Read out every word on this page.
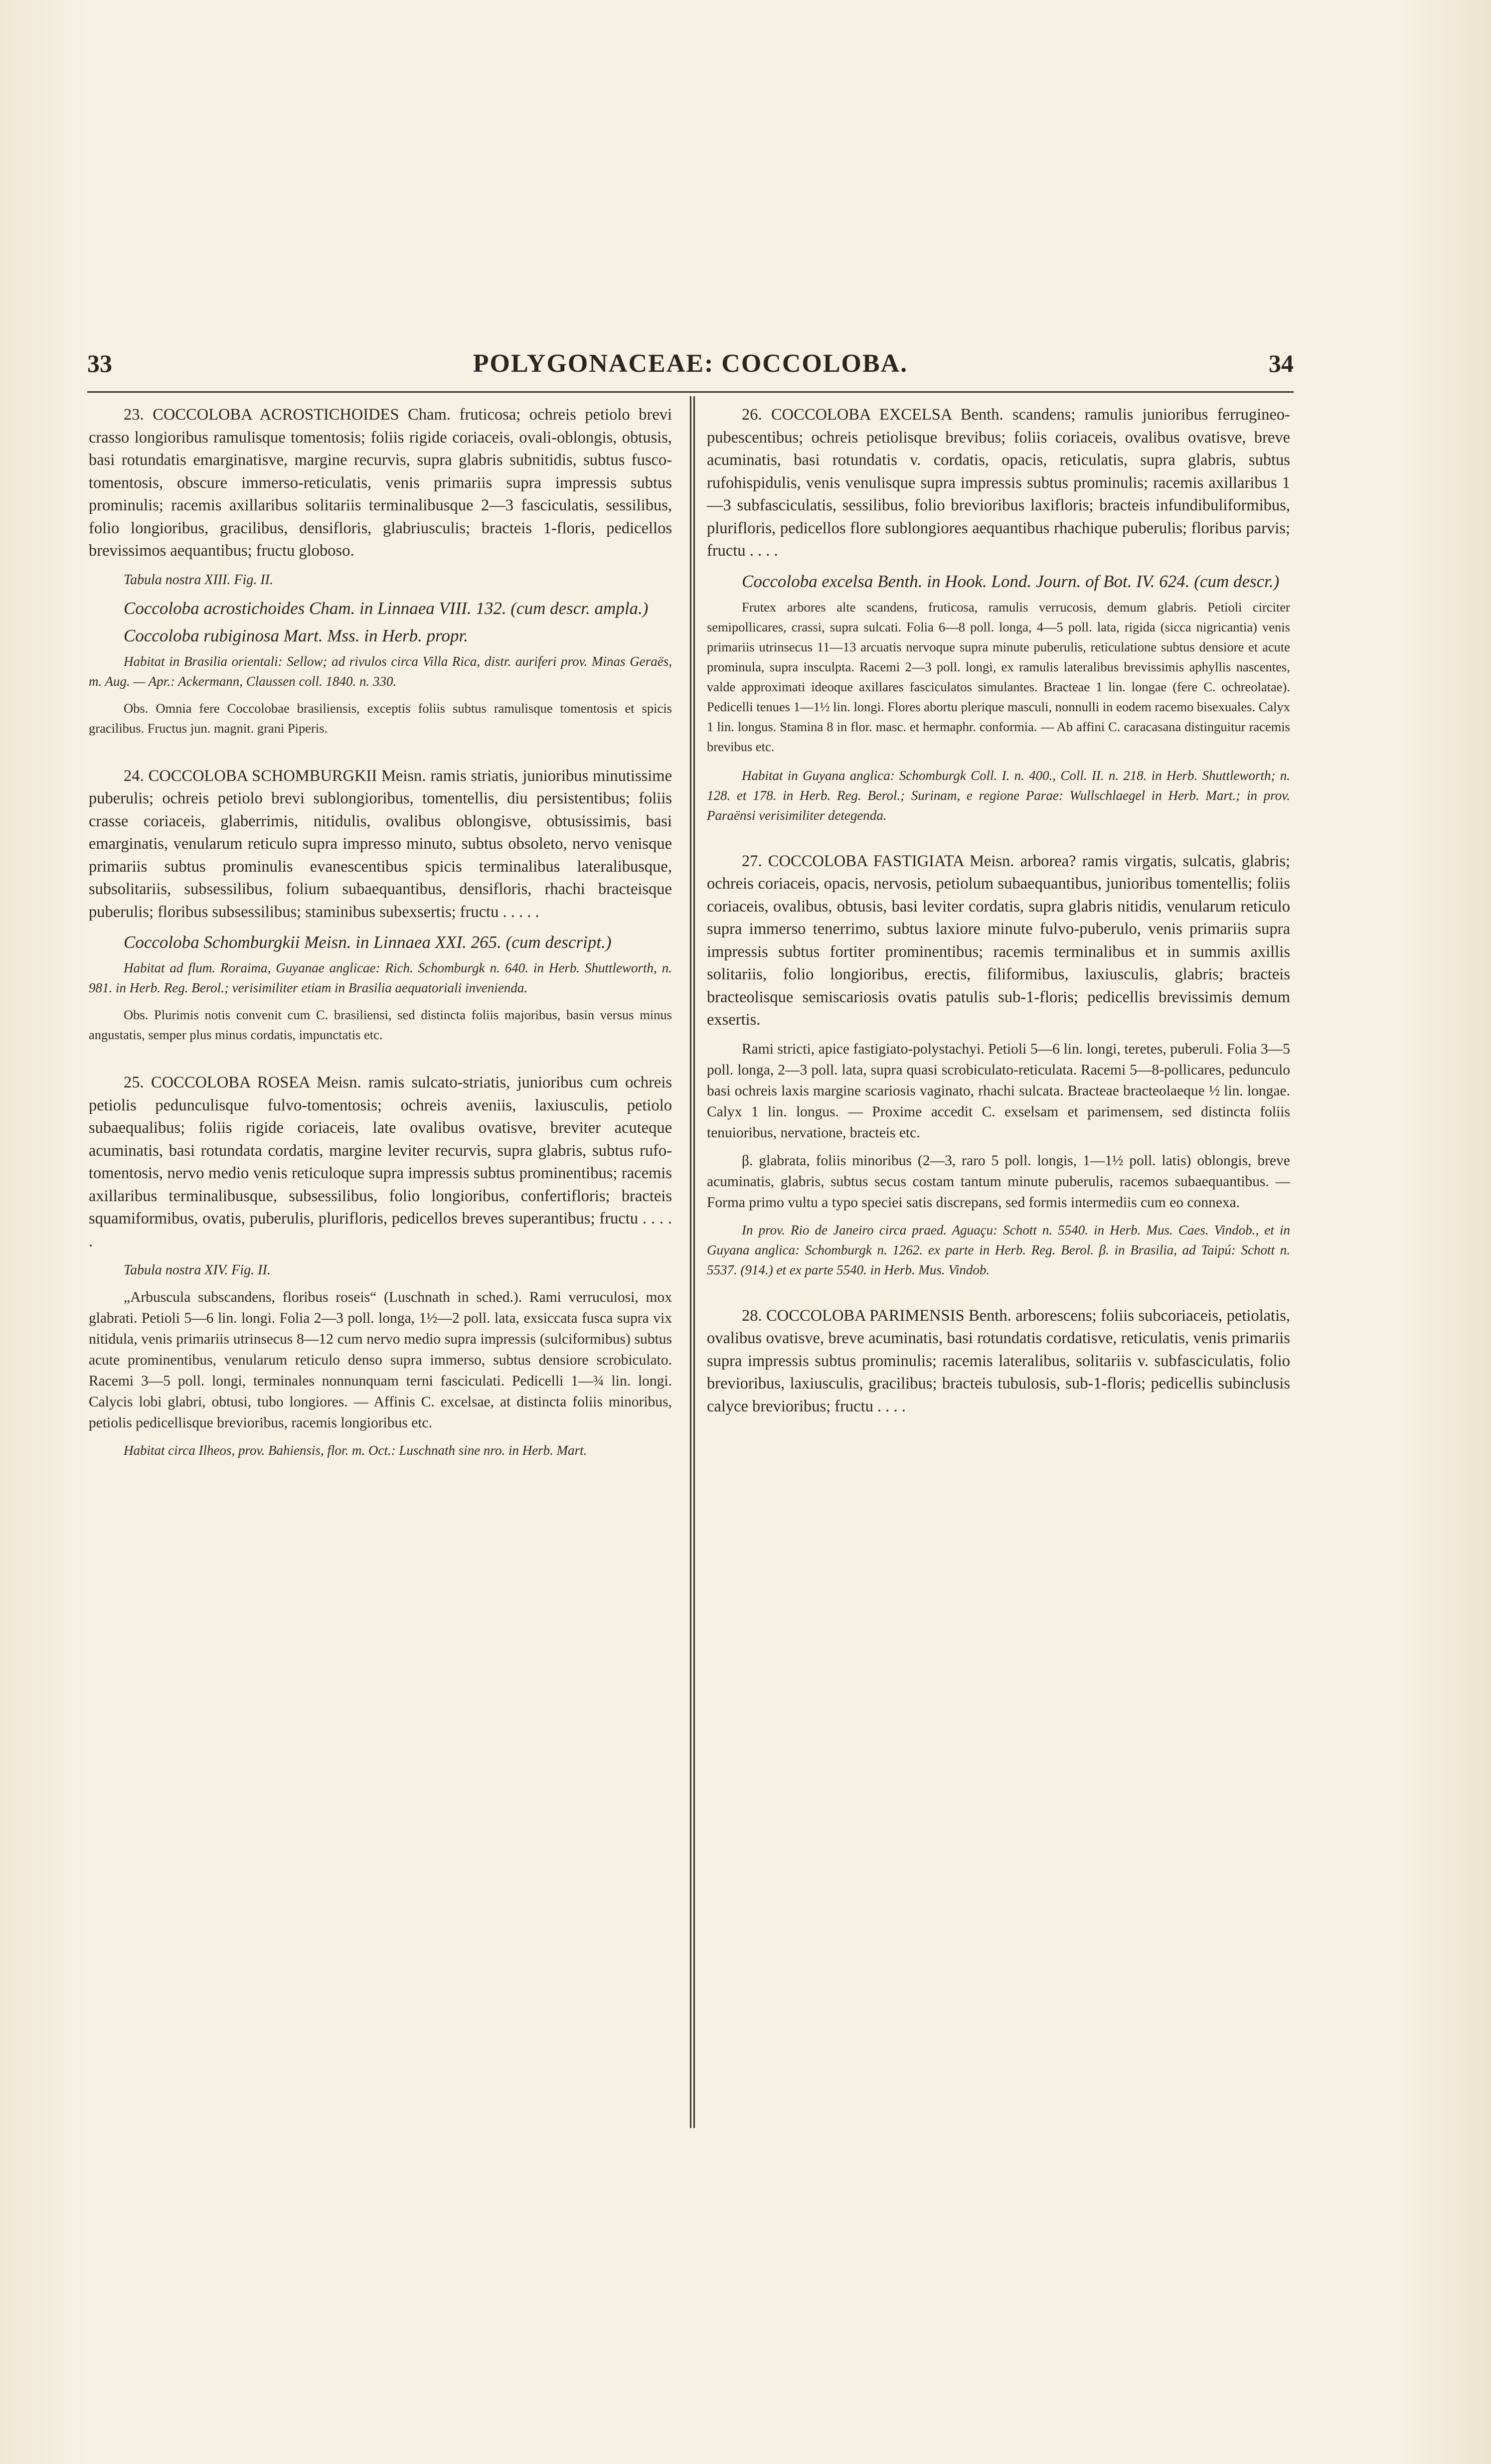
33	POLYGONACEAE: COCCOLOBA.	34

23. COCCOLOBA ACROSTICHOIDES Cham. fruticosa; ochreis petiolo brevi crasso longioribus ramulisque tomentosis; foliis rigide coriaceis, ovali-oblongis, obtusis, basi rotundatis emarginatisve, margine recurvis, supra glabris subnitidis, subtus fusco-tomentosis, obscure immerso-reticulatis, venis primariis supra impressis subtus prominulis; racemis axillaribus solitariis terminalibusque 2—3 fasciculatis, sessilibus, folio longioribus, gracilibus, densifloris, glabriusculis; bracteis 1-floris, pedicellos brevissimos aequantibus; fructu globoso.

Tabula nostra XIII. Fig. II.

Coccoloba acrostichoides Cham. in Linnaea VIII. 132. (cum descr. ampla.)

Coccoloba rubiginosa Mart. Mss. in Herb. propr.

Habitat in Brasilia orientali: Sellow; ad rivulos circa Villa Rica, distr. auriferi prov. Minas Geraës, m. Aug. — Apr.: Ackermann, Claussen coll. 1840. n. 330.

Obs. Omnia fere Coccolobae brasiliensis, exceptis foliis subtus ramulisque tomentosis et spicis gracilibus. Fructus jun. magnit. grani Piperis.

24. COCCOLOBA SCHOMBURGKII Meisn. ramis striatis, junioribus minutissime puberulis; ochreis petiolo brevi sublongioribus, tomentellis, diu persistentibus; foliis crasse coriaceis, glaberrimis, nitidulis, ovalibus oblongisve, obtusissimis, basi emarginatis, venularum reticulo supra impresso minuto, subtus obsoleto, nervo venisque primariis subtus prominulis evanescentibus spicis terminalibus lateralibusque, subsolitariis, subsessilibus, folium subaequantibus, densifloris, rhachi bracteisque puberulis; floribus subsessilibus; staminibus subexsertis; fructu . . . . .

Coccoloba Schomburgkii Meisn. in Linnaea XXI. 265. (cum descript.)

Habitat ad flum. Roraima, Guyanae anglicae: Rich. Schomburgk n. 640. in Herb. Shuttleworth, n. 981. in Herb. Reg. Berol.; verisimiliter etiam in Brasilia aequatoriali invenienda.

Obs. Plurimis notis convenit cum C. brasiliensi, sed distincta foliis majoribus, basin versus minus angustatis, semper plus minus cordatis, impunctatis etc.

25. COCCOLOBA ROSEA Meisn. ramis sulcato-striatis, junioribus cum ochreis petiolis pedunculisque fulvo-tomentosis; ochreis aveniis, laxiusculis, petiolo subaequalibus; foliis rigide coriaceis, late ovalibus ovatisve, breviter acuteque acuminatis, basi rotundata cordatis, margine leviter recurvis, supra glabris, subtus rufo-tomentosis, nervo medio venis reticuloque supra impressis subtus prominentibus; racemis axillaribus terminalibusque, subsessilibus, folio longioribus, confertifloris; bracteis squamiformibus, ovatis, puberulis, plurifloris, pedicellos breves superantibus; fructu . . . . .

Tabula nostra XIV. Fig. II.

„Arbuscula subscandens, floribus roseis“ (Luschnath in sched.). Rami verruculosi, mox glabrati. Petioli 5—6 lin. longi. Folia 2—3 poll. longa, 1½—2 poll. lata, exsiccata fusca supra vix nitidula, venis primariis utrinsecus 8—12 cum nervo medio supra impressis (sulciformibus) subtus acute prominentibus, venularum reticulo denso supra immerso, subtus densiore scrobiculato. Racemi 3—5 poll. longi, terminales nonnunquam terni fasciculati. Pedicelli 1—¾ lin. longi. Calycis lobi glabri, obtusi, tubo longiores. — Affinis C. excelsae, at distincta foliis minoribus, petiolis pedicellisque brevioribus, racemis longioribus etc.

Habitat circa Ilheos, prov. Bahiensis, flor. m. Oct.: Luschnath sine nro. in Herb. Mart.

26. COCCOLOBA EXCELSA Benth. scandens; ramulis junioribus ferrugineo-pubescentibus; ochreis petiolisque brevibus; foliis coriaceis, ovalibus ovatisve, breve acuminatis, basi rotundatis v. cordatis, opacis, reticulatis, supra glabris, subtus rufohispidulis, venis venulisque supra impressis subtus prominulis; racemis axillaribus 1—3 subfasciculatis, sessilibus, folio brevioribus laxifloris; bracteis infundibuliformibus, plurifloris, pedicellos flore sublongiores aequantibus rhachique puberulis; floribus parvis; fructu . . . .

Coccoloba excelsa Benth. in Hook. Lond. Journ. of Bot. IV. 624. (cum descr.)

Frutex arbores alte scandens, fruticosa, ramulis verrucosis, demum glabris. Petioli circiter semipollicares, crassi, supra sulcati. Folia 6—8 poll. longa, 4—5 poll. lata, rigida (sicca nigricantia) venis primariis utrinsecus 11—13 arcuatis nervoque supra minute puberulis, reticulatione subtus densiore et acute prominula, supra insculpta. Racemi 2—3 poll. longi, ex ramulis lateralibus brevissimis aphyllis nascentes, valde approximati ideoque axillares fasciculatos simulantes. Bracteae 1 lin. longae (fere C. ochreolatae). Pedicelli tenues 1—1½ lin. longi. Flores abortu plerique masculi, nonnulli in eodem racemo bisexuales. Calyx 1 lin. longus. Stamina 8 in flor. masc. et hermaphr. conformia. — Ab affini C. caracasana distinguitur racemis brevibus etc.

Habitat in Guyana anglica: Schomburgk Coll. I. n. 400., Coll. II. n. 218. in Herb. Shuttleworth; n. 128. et 178. in Herb. Reg. Berol.; Surinam, e regione Parae: Wullschlaegel in Herb. Mart.; in prov. Paraënsi verisimiliter detegenda.

27. COCCOLOBA FASTIGIATA Meisn. arborea? ramis virgatis, sulcatis, glabris; ochreis coriaceis, opacis, nervosis, petiolum subaequantibus, junioribus tomentellis; foliis coriaceis, ovalibus, obtusis, basi leviter cordatis, supra glabris nitidis, venularum reticulo supra immerso tenerrimo, subtus laxiore minute fulvo-puberulo, venis primariis supra impressis subtus fortiter prominentibus; racemis terminalibus et in summis axillis solitariis, folio longioribus, erectis, filiformibus, laxiusculis, glabris; bracteis bracteolisque semiscariosis ovatis patulis sub-1-floris; pedicellis brevissimis demum exsertis.

Rami stricti, apice fastigiato-polystachyi. Petioli 5—6 lin. longi, teretes, puberuli. Folia 3—5 poll. longa, 2—3 poll. lata, supra quasi scrobiculato-reticulata. Racemi 5—8-pollicares, pedunculo basi ochreis laxis margine scariosis vaginato, rhachi sulcata. Bracteae bracteolaeque ½ lin. longae. Calyx 1 lin. longus. — Proxime accedit C. exselsam et parimensem, sed distincta foliis tenuioribus, nervatione, bracteis etc.

β. glabrata, foliis minoribus (2—3, raro 5 poll. longis, 1—1½ poll. latis) oblongis, breve acuminatis, glabris, subtus secus costam tantum minute puberulis, racemos subaequantibus. — Forma primo vultu a typo speciei satis discrepans, sed formis intermediis cum eo connexa.

In prov. Rio de Janeiro circa praed. Aguaçu: Schott n. 5540. in Herb. Mus. Caes. Vindob., et in Guyana anglica: Schomburgk n. 1262. ex parte in Herb. Reg. Berol. β. in Brasilia, ad Taipú: Schott n. 5537. (914.) et ex parte 5540. in Herb. Mus. Vindob.

28. COCCOLOBA PARIMENSIS Benth. arborescens; foliis subcoriaceis, petiolatis, ovalibus ovatisve, breve acuminatis, basi rotundatis cordatisve, reticulatis, venis primariis supra impressis subtus prominulis; racemis lateralibus, solitariis v. subfasciculatis, folio brevioribus, laxiusculis, gracilibus; bracteis tubulosis, sub-1-floris; pedicellis subinclusis calyce brevioribus; fructu . . . .
